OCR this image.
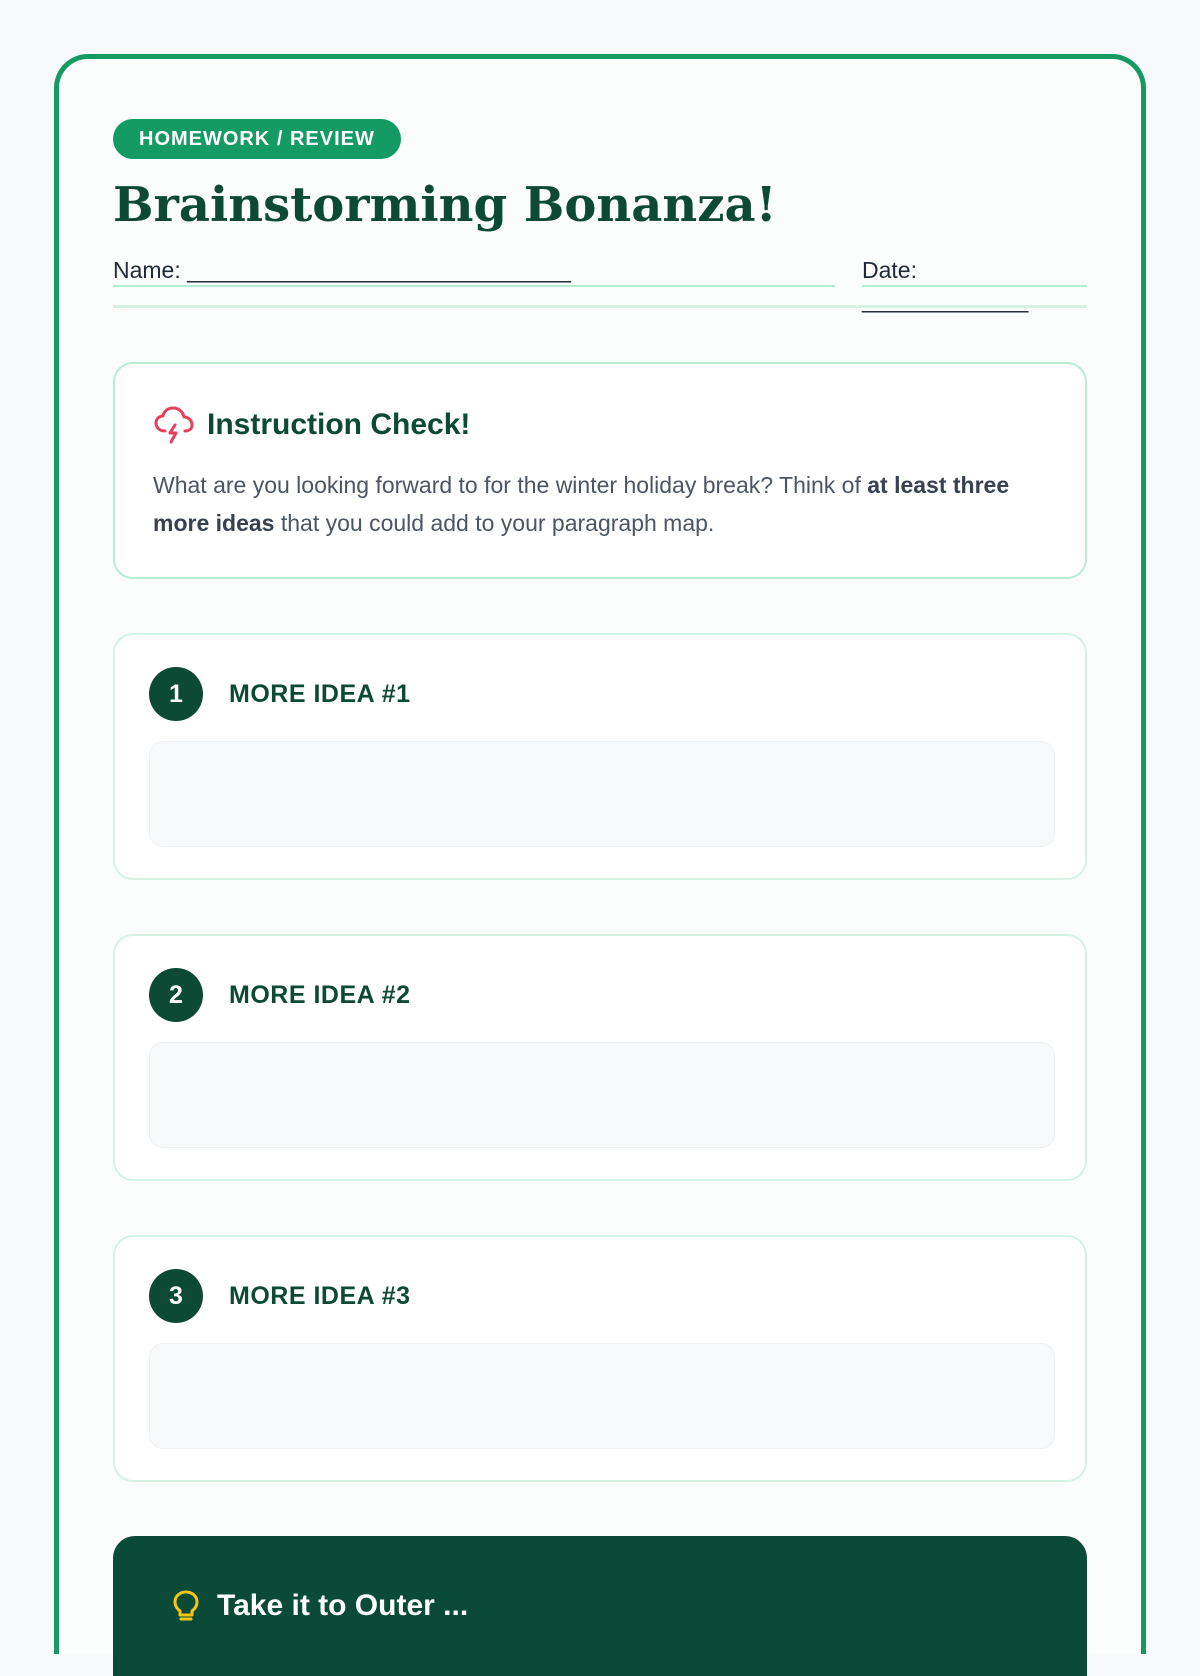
HOMEWORK / REVIEW
Brainstorming Bonanza!
Name: ______________________________	Date: _____________
Instruction Check!

What are you looking forward to for the winter holiday break? Think of at least three more ideas that you could add to your paragraph map.

1	MORE IDEA #1
2	MORE IDEA #2
3	MORE IDEA #3
Take it to Outer ...
